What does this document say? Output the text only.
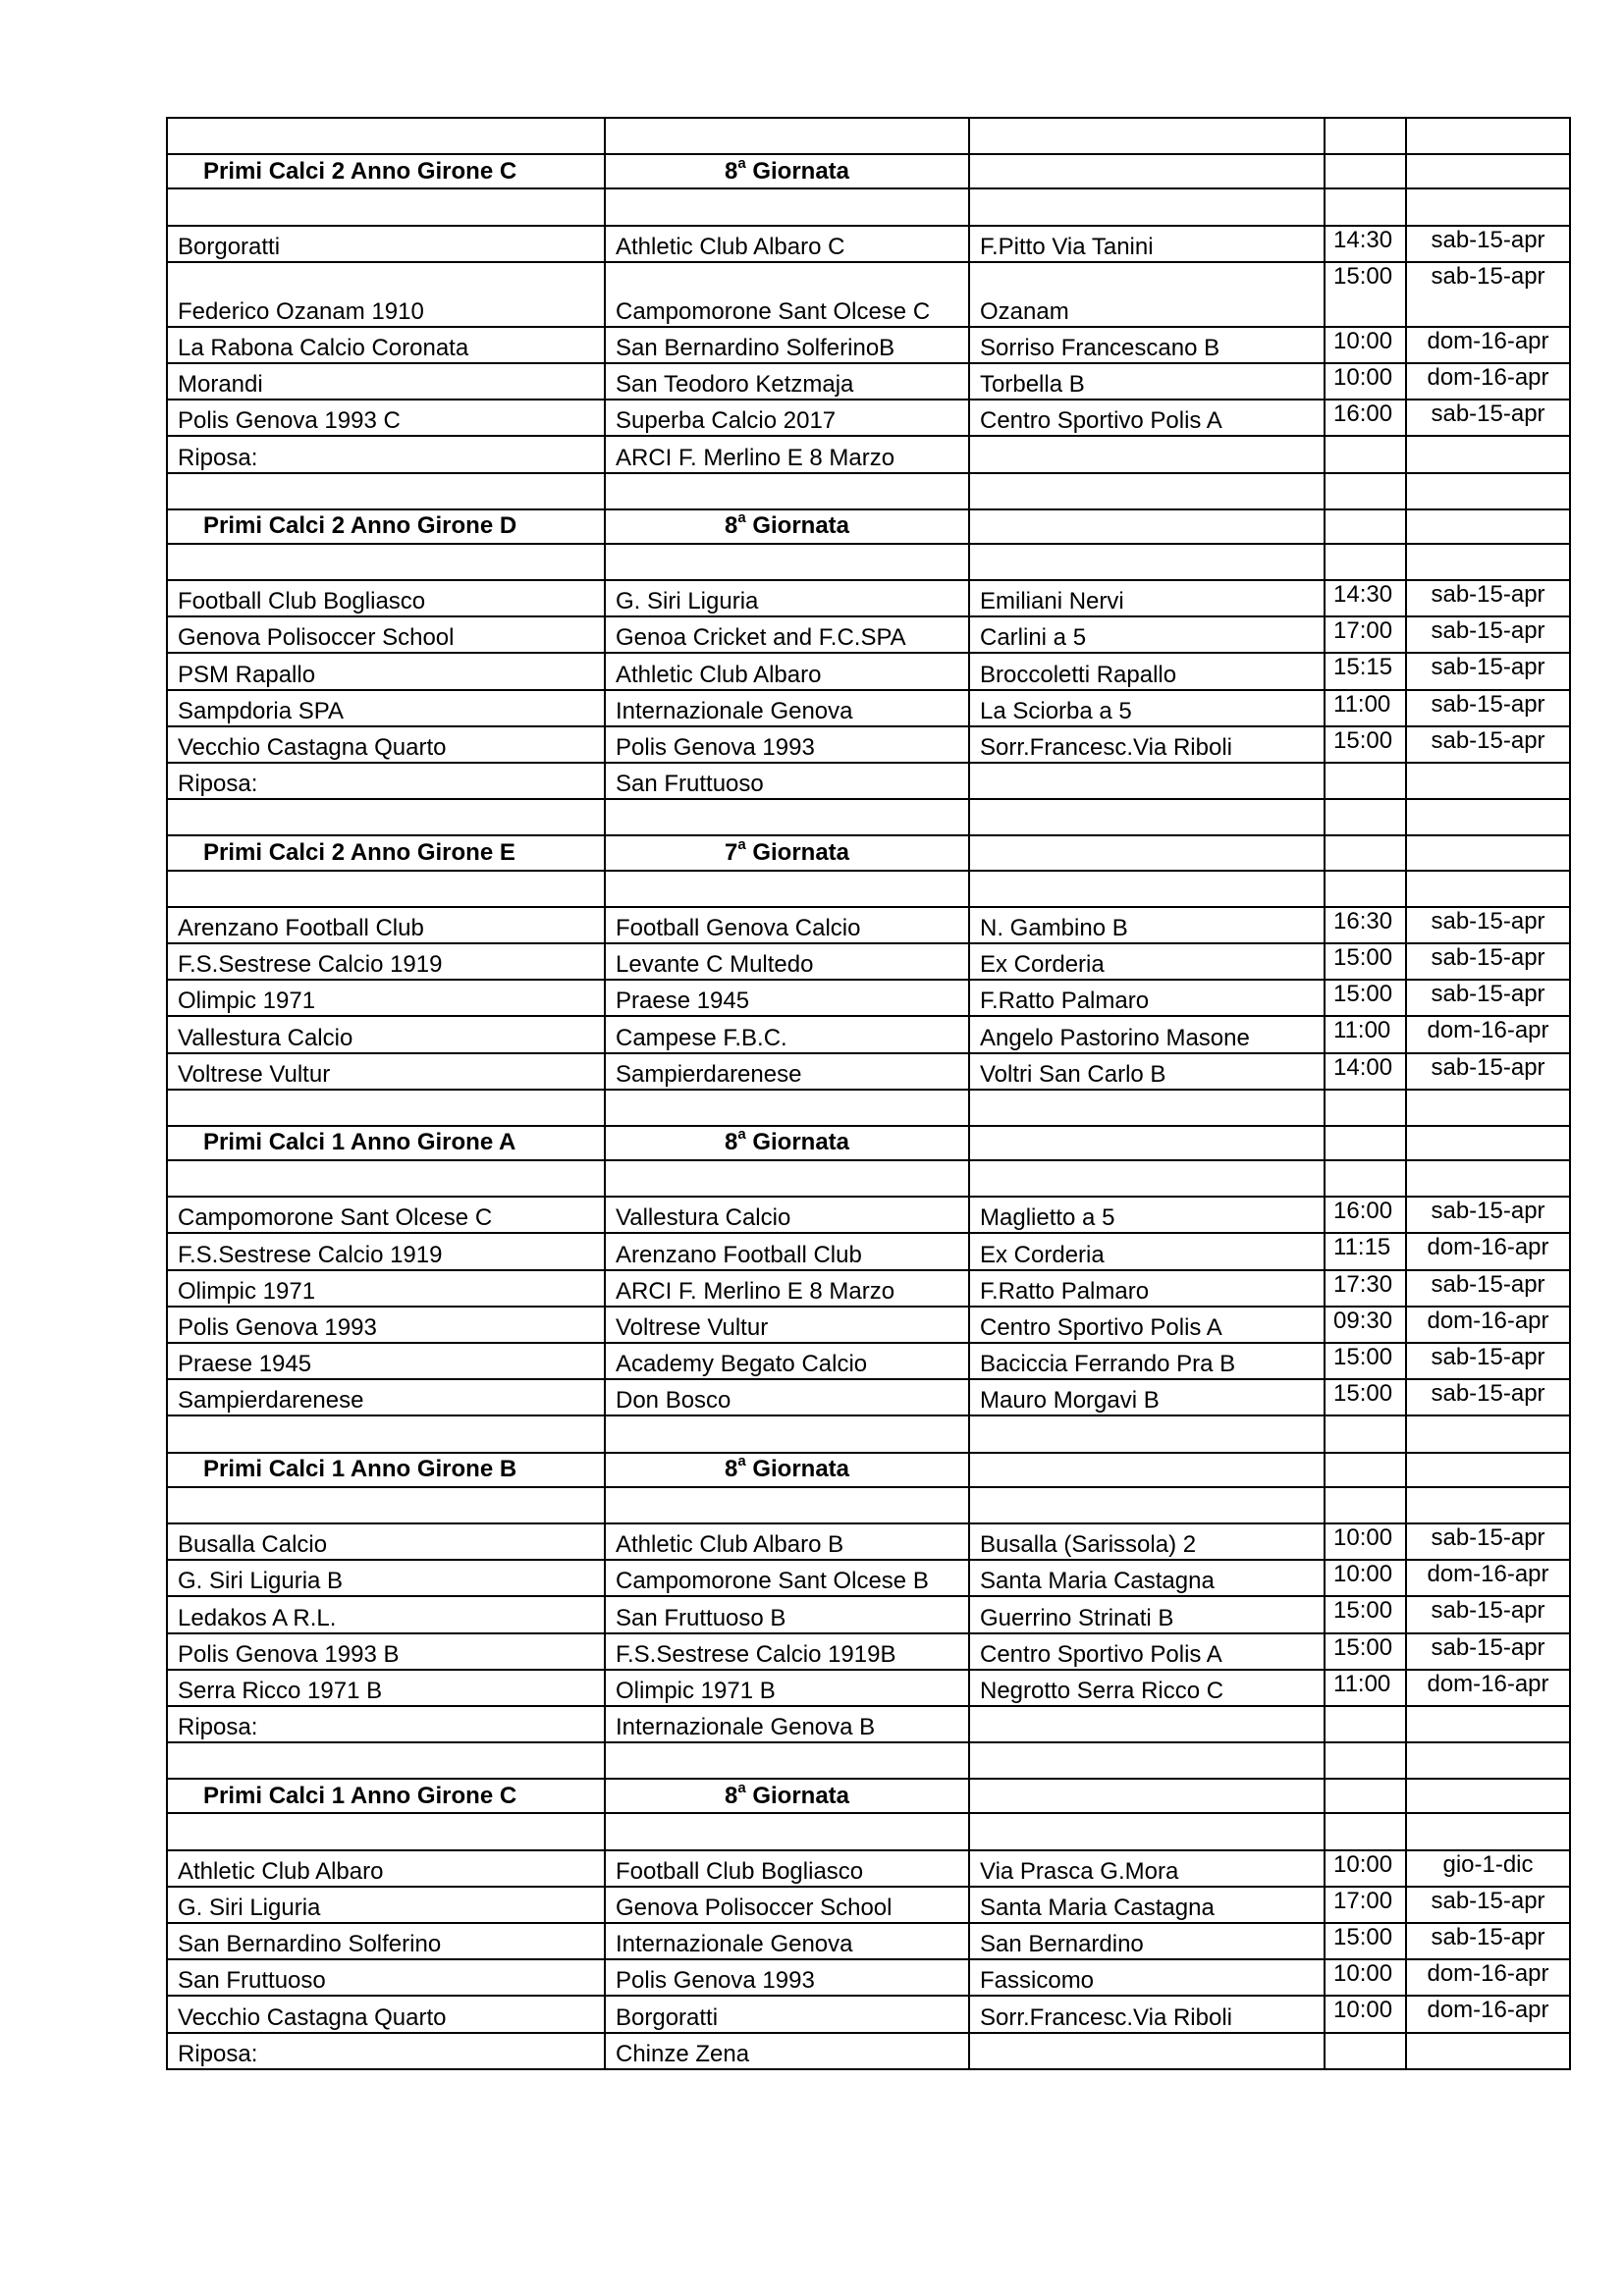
Primi Calci 2 Anno Girone C	8$^a$ Giornata			

Borgoratti	Athletic Club Albaro C	F.Pitto Via Tanini	14:30	sab-15-apr
Federico Ozanam 1910	Campomorone Sant Olcese C	Ozanam	15:00	sab-15-apr
La Rabona Calcio Coronata	San Bernardino SolferinoB	Sorriso Francescano B	10:00	dom-16-apr
Morandi	San Teodoro Ketzmaja	Torbella B	10:00	dom-16-apr
Polis Genova 1993 C	Superba Calcio 2017	Centro Sportivo Polis A	16:00	sab-15-apr
Riposa:	ARCI F. Merlino E 8 Marzo			

Primi Calci 2 Anno Girone D	8$^a$ Giornata			

Football Club Bogliasco	G. Siri Liguria	Emiliani Nervi	14:30	sab-15-apr
Genova Polisoccer School	Genoa Cricket and F.C.SPA	Carlini a 5	17:00	sab-15-apr
PSM Rapallo	Athletic Club Albaro	Broccoletti Rapallo	15:15	sab-15-apr
Sampdoria SPA	Internazionale Genova	La Sciorba a 5	11:00	sab-15-apr
Vecchio Castagna Quarto	Polis Genova 1993	Sorr.Francesc.Via Riboli	15:00	sab-15-apr
Riposa:	San Fruttuoso			

Primi Calci 2 Anno Girone E	7$^a$ Giornata			

Arenzano Football Club	Football Genova Calcio	N. Gambino B	16:30	sab-15-apr
F.S.Sestrese Calcio 1919	Levante C Multedo	Ex Corderia	15:00	sab-15-apr
Olimpic 1971	Praese 1945	F.Ratto Palmaro	15:00	sab-15-apr
Vallestura Calcio	Campese F.B.C.	Angelo Pastorino Masone	11:00	dom-16-apr
Voltrese Vultur	Sampierdarenese	Voltri San Carlo B	14:00	sab-15-apr

Primi Calci 1 Anno Girone A	8$^a$ Giornata			

Campomorone Sant Olcese C	Vallestura Calcio	Maglietto a 5	16:00	sab-15-apr
F.S.Sestrese Calcio 1919	Arenzano Football Club	Ex Corderia	11:15	dom-16-apr
Olimpic 1971	ARCI F. Merlino E 8 Marzo	F.Ratto Palmaro	17:30	sab-15-apr
Polis Genova 1993	Voltrese Vultur	Centro Sportivo Polis A	09:30	dom-16-apr
Praese 1945	Academy Begato Calcio	Baciccia Ferrando Pra B	15:00	sab-15-apr
Sampierdarenese	Don Bosco	Mauro Morgavi B	15:00	sab-15-apr

Primi Calci 1 Anno Girone B	8$^a$ Giornata			

Busalla Calcio	Athletic Club Albaro B	Busalla (Sarissola) 2	10:00	sab-15-apr
G. Siri Liguria B	Campomorone Sant Olcese B	Santa Maria Castagna	10:00	dom-16-apr
Ledakos A R.L.	San Fruttuoso B	Guerrino Strinati B	15:00	sab-15-apr
Polis Genova 1993 B	F.S.Sestrese Calcio 1919B	Centro Sportivo Polis A	15:00	sab-15-apr
Serra Ricco 1971 B	Olimpic 1971 B	Negrotto Serra Ricco C	11:00	dom-16-apr
Riposa:	Internazionale Genova B			

Primi Calci 1 Anno Girone C	8$^a$ Giornata			

Athletic Club Albaro	Football Club Bogliasco	Via Prasca G.Mora	10:00	gio-1-dic
G. Siri Liguria	Genova Polisoccer School	Santa Maria Castagna	17:00	sab-15-apr
San Bernardino Solferino	Internazionale Genova	San Bernardino	15:00	sab-15-apr
San Fruttuoso	Polis Genova 1993	Fassicomo	10:00	dom-16-apr
Vecchio Castagna Quarto	Borgoratti	Sorr.Francesc.Via Riboli	10:00	dom-16-apr
Riposa:	Chinze Zena			
